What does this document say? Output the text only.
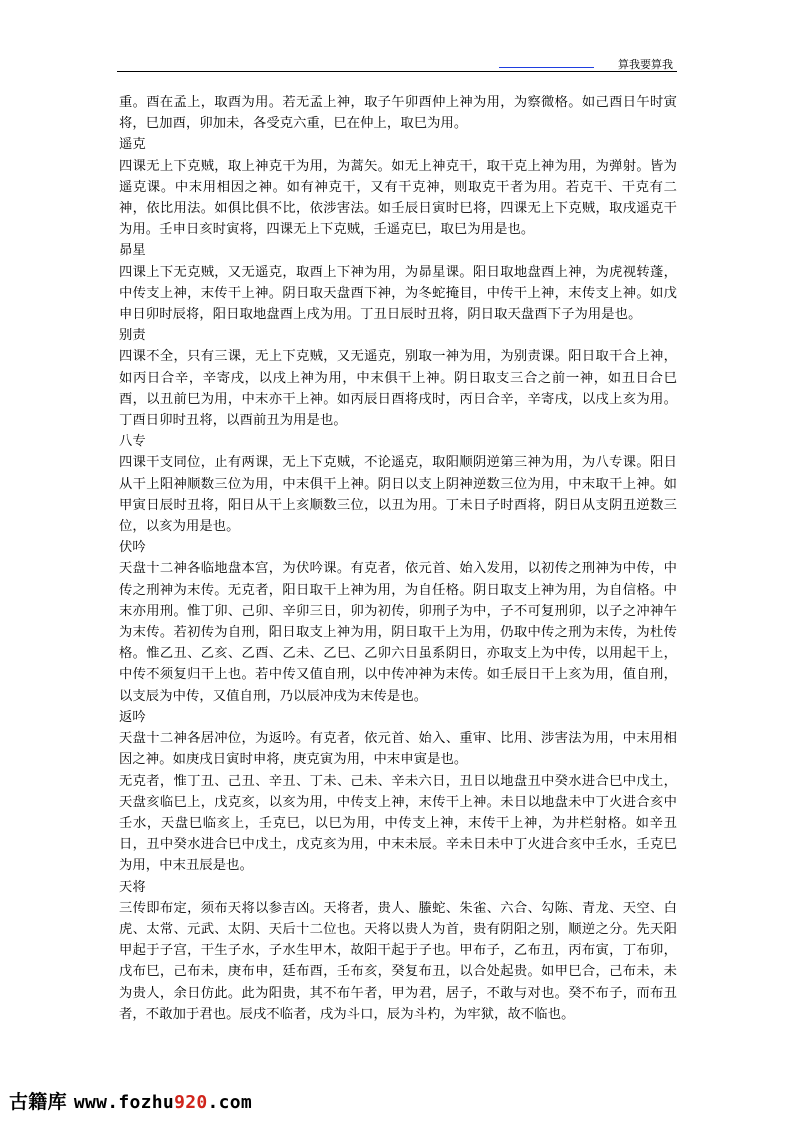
算我要算我

重。酉在孟上，取酉为用。若无孟上神，取子午卯酉仲上神为用，为察微格。如己酉日午时寅将，巳加酉，卯加未，各受克六重，巳在仲上，取巳为用。

遥克

四课无上下克贼，取上神克干为用，为蒿矢。如无上神克干，取干克上神为用，为弹射。皆为遥克课。中末用相因之神。如有神克干，又有干克神，则取克干者为用。若克干、干克有二神，依比用法。如俱比俱不比，依涉害法。如壬辰日寅时巳将，四课无上下克贼，取戌遥克干为用。壬申日亥时寅将，四课无上下克贼，壬遥克巳，取巳为用是也。

昴星

四课上下无克贼，又无遥克，取酉上下神为用，为昴星课。阳日取地盘酉上神，为虎视转蓬，中传支上神，末传干上神。阴日取天盘酉下神，为冬蛇掩目，中传干上神，末传支上神。如戊申日卯时辰将，阳日取地盘酉上戌为用。丁丑日辰时丑将，阴日取天盘酉下子为用是也。

别责

四课不全，只有三课，无上下克贼，又无遥克，别取一神为用，为别责课。阳日取干合上神，如丙日合辛，辛寄戌，以戌上神为用，中末俱干上神。阴日取支三合之前一神，如丑日合巳酉，以丑前巳为用，中末亦干上神。如丙辰日酉将戌时，丙日合辛，辛寄戌，以戌上亥为用。丁酉日卯时丑将，以酉前丑为用是也。

八专

四课干支同位，止有两课，无上下克贼，不论遥克，取阳顺阴逆第三神为用，为八专课。阳日从干上阳神顺数三位为用，中末俱干上神。阴日以支上阴神逆数三位为用，中末取干上神。如甲寅日辰时丑将，阳日从干上亥顺数三位，以丑为用。丁未日子时酉将，阴日从支阴丑逆数三位，以亥为用是也。

伏吟

天盘十二神各临地盘本宫，为伏吟课。有克者，依元首、始入发用，以初传之刑神为中传，中传之刑神为末传。无克者，阳日取干上神为用，为自任格。阴日取支上神为用，为自信格。中末亦用刑。惟丁卯、己卯、辛卯三日，卯为初传，卯刑子为中，子不可复刑卯，以子之冲神午为末传。若初传为自刑，阳日取支上神为用，阴日取干上为用，仍取中传之刑为末传，为杜传格。惟乙丑、乙亥、乙酉、乙未、乙巳、乙卯六日虽系阴日，亦取支上为中传，以用起干上，中传不须复归干上也。若中传又值自刑，以中传冲神为末传。如壬辰日干上亥为用，值自刑，以支辰为中传，又值自刑，乃以辰冲戌为末传是也。

返吟

天盘十二神各居冲位，为返吟。有克者，依元首、始入、重审、比用、涉害法为用，中末用相因之神。如庚戌日寅时申将，庚克寅为用，中末申寅是也。

无克者，惟丁丑、己丑、辛丑、丁未、己未、辛未六日，丑日以地盘丑中癸水进合巳中戊土，天盘亥临巳上，戊克亥，以亥为用，中传支上神，末传干上神。未日以地盘未中丁火进合亥中壬水，天盘巳临亥上，壬克巳，以巳为用，中传支上神，末传干上神，为井栏射格。如辛丑日，丑中癸水进合巳中戊土，戊克亥为用，中末未辰。辛未日未中丁火进合亥中壬水，壬克巳为用，中末丑辰是也。

天将

三传即布定，须布天将以参吉凶。天将者，贵人、螣蛇、朱雀、六合、勾陈、青龙、天空、白虎、太常、元武、太阴、天后十二位也。天将以贵人为首，贵有阴阳之别，顺逆之分。先天阳甲起于子宫，干生子水，子水生甲木，故阳干起于子也。甲布子，乙布丑，丙布寅，丁布卯，戊布巳，己布未，庚布申，廷布酉，壬布亥，癸复布丑，以合处起贵。如甲巳合，己布未，未为贵人，余日仿此。此为阳贵，其不布午者，甲为君，居子，不敢与对也。癸不布子，而布丑者，不敢加于君也。辰戌不临者，戌为斗口，辰为斗杓，为牢狱，故不临也。

古籍库 www.fozhu920.com
